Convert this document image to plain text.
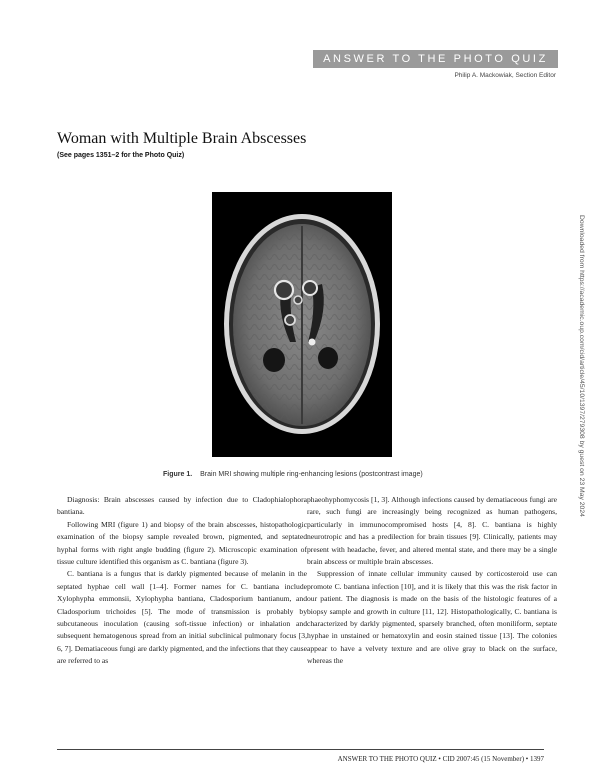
ANSWER TO THE PHOTO QUIZ
Philip A. Mackowiak, Section Editor
Woman with Multiple Brain Abscesses
(See pages 1351–2 for the Photo Quiz)
Figure 1. Brain MRI showing multiple ring-enhancing lesions (postcontrast image)

Diagnosis: Brain abscesses caused by infection due to Cladophialophora bantiana.

Following MRI (figure 1) and biopsy of the brain abscesses, histopathologic examination of the biopsy sample revealed brown, pigmented, and septated hyphal forms with right angle budding (figure 2). Microscopic examination of tissue culture identified this organism as C. bantiana (figure 3).

C. bantiana is a fungus that is darkly pigmented because of melanin in the septated hyphae cell wall [1–4]. Former names for C. bantiana include Xylophypha emmonsii, Xylophypha bantiana, Cladosporium bantianum, and Cladosporium trichoides [5]. The mode of transmission is probably by subcutaneous inoculation (causing soft-tissue infection) or inhalation and subsequent hematogenous spread from an initial subclinical pulmonary focus [3, 6, 7]. Dematiaceous fungi are darkly pigmented, and the infections that they cause are referred to as

phaeohyphomycosis [1, 3]. Although infections caused by dematiaceous fungi are rare, such fungi are increasingly being recognized as human pathogens, particularly in immunocompromised hosts [4, 8]. C. bantiana is highly neurotropic and has a predilection for brain tissues [9]. Clinically, patients may present with headache, fever, and altered mental state, and there may be a single brain abscess or multiple brain abscesses.

Suppression of innate cellular immunity caused by corticosteroid use can promote C. bantiana infection [10], and it is likely that this was the risk factor in our patient. The diagnosis is made on the basis of the histologic features of a biopsy sample and growth in culture [11, 12]. Histopathologically, C. bantiana is characterized by darkly pigmented, sparsely branched, often moniliform, septate hyphae in unstained or hematoxylin and eosin stained tissue [13]. The colonies appear to have a velvety texture and are olive gray to black on the surface, whereas the

ANSWER TO THE PHOTO QUIZ • CID 2007:45 (15 November) • 1397
Downloaded from https://academic.oup.com/cid/article/45/10/1397/279308 by guest on 23 May 2024
